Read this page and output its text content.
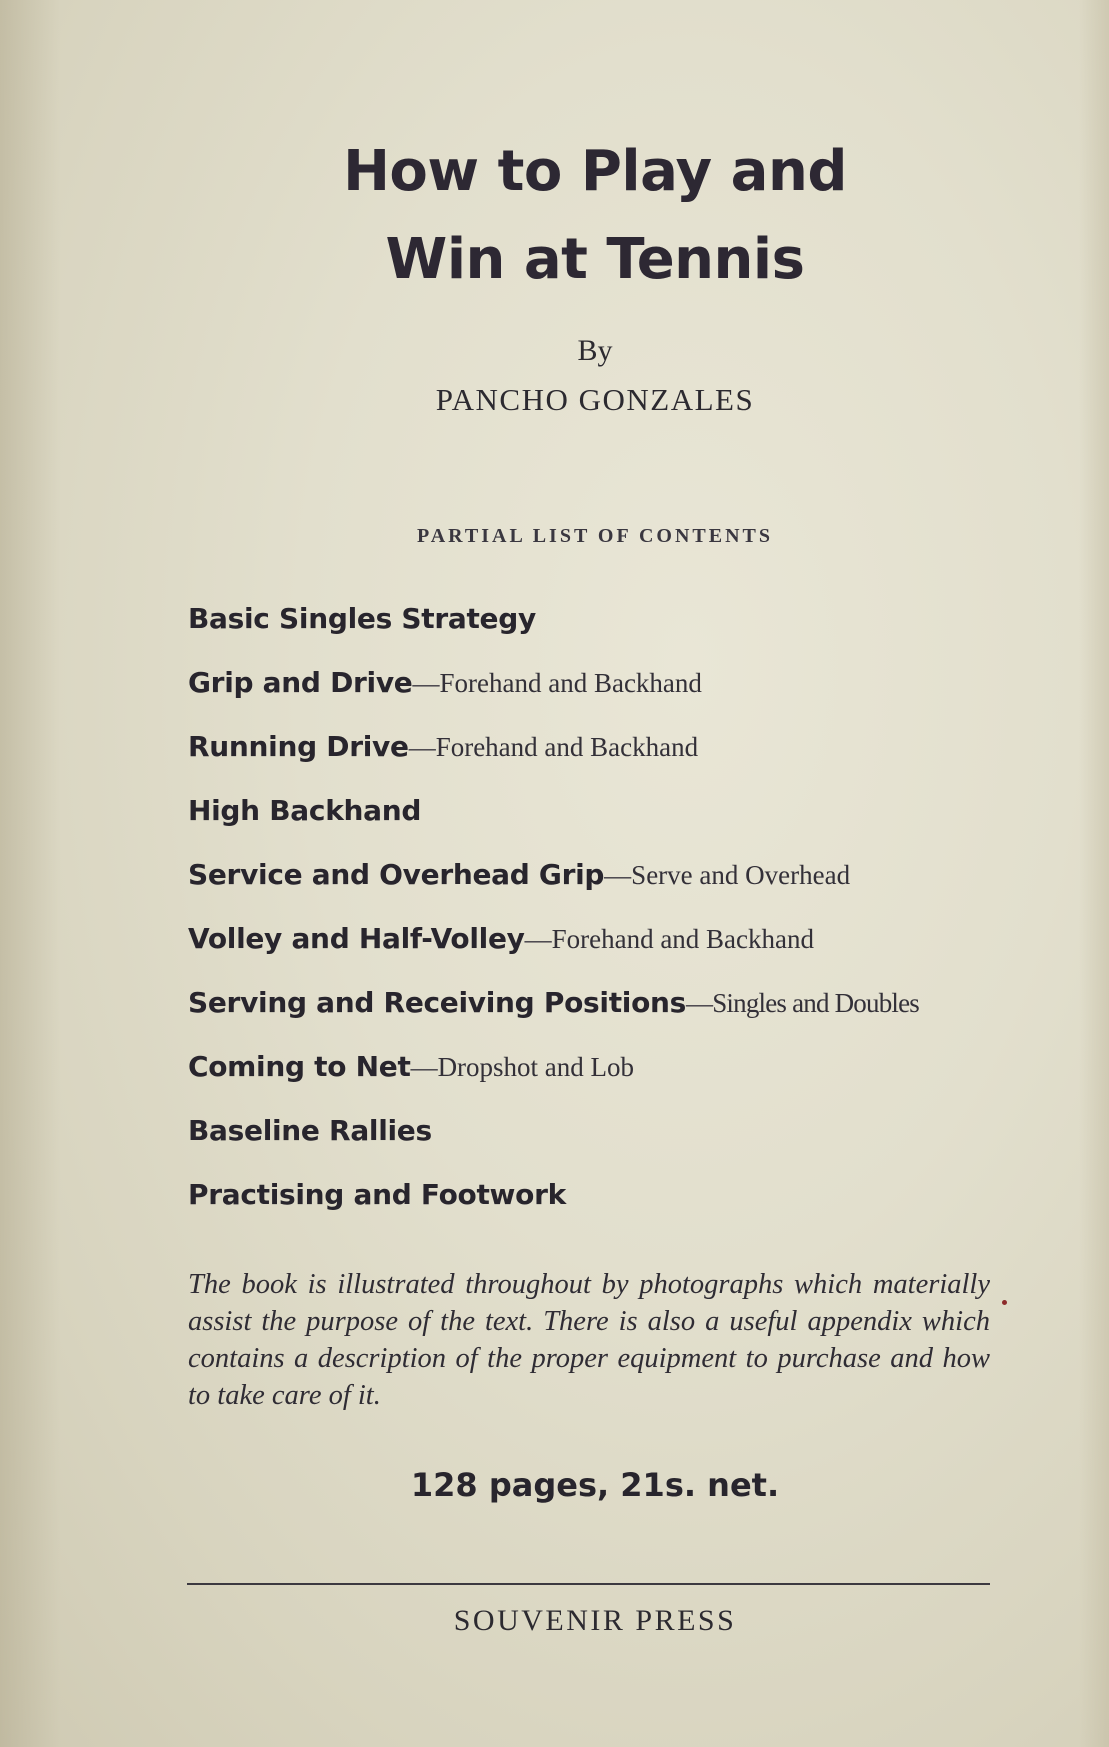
How to Play and
Win at Tennis
By
PANCHO GONZALES
PARTIAL LIST OF CONTENTS
Basic Singles Strategy
Grip and Drive—Forehand and Backhand
Running Drive—Forehand and Backhand
High Backhand
Service and Overhead Grip—Serve and Overhead
Volley and Half-Volley—Forehand and Backhand
Serving and Receiving Positions—Singles and Doubles
Coming to Net—Dropshot and Lob
Baseline Rallies
Practising and Footwork

The book is illustrated throughout by photographs which materially assist the purpose of the text. There is also a useful appendix which contains a description of the proper equipment to purchase and how to take care of it.

128 pages, 21s. net.
SOUVENIR PRESS
